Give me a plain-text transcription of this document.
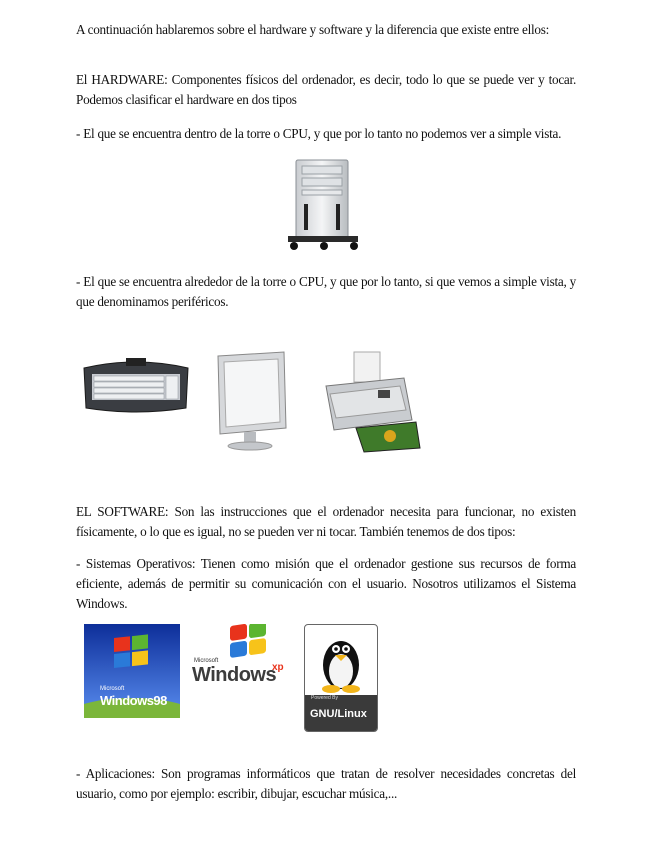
A continuación hablaremos sobre el hardware y software y la diferencia que existe entre ellos:

El HARDWARE: Componentes físicos del ordenador, es decir, todo lo que se puede ver y tocar. Podemos clasificar el hardware en dos tipos

- El que se encuentra dentro de la torre o CPU, y que por lo tanto no podemos ver a simple vista.

- El que se encuentra alrededor de la torre o CPU, y que por lo tanto, si que vemos a simple vista, y que denominamos periféricos.

EL SOFTWARE: Son las instrucciones que el ordenador necesita para funcionar, no existen físicamente, o lo que es igual, no se pueden ver ni tocar. También tenemos de dos tipos:

- Sistemas Operativos: Tienen como misión que el ordenador gestione sus recursos de forma eficiente, además de permitir su comunicación con el usuario. Nosotros utilizamos el Sistema Windows.

Microsoft
Windows98
Microsoft
Windows
xp
Powered By
GNU/Linux

- Aplicaciones: Son programas informáticos que tratan de resolver necesidades concretas del usuario, como por ejemplo: escribir, dibujar, escuchar música,...
